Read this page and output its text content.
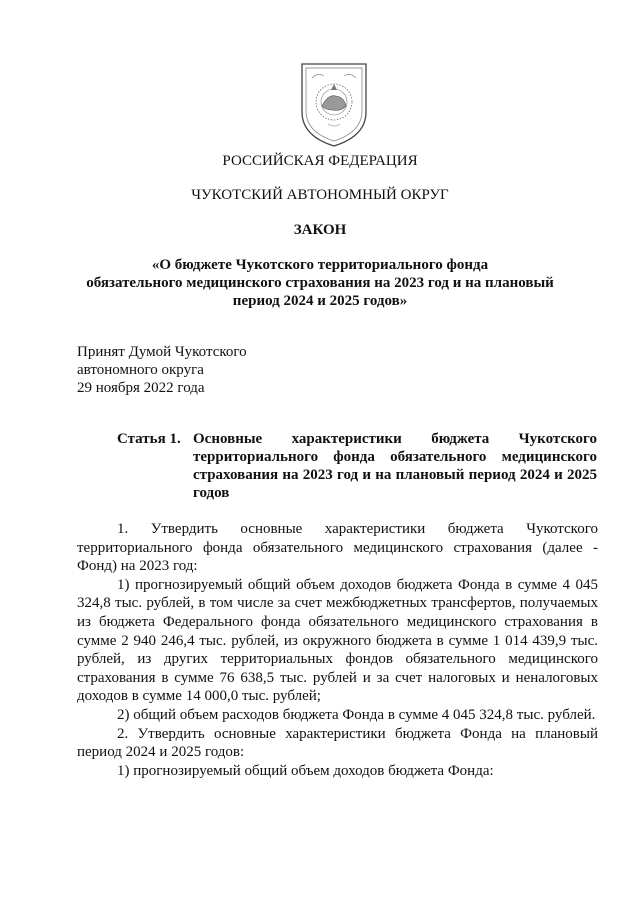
РОССИЙСКАЯ ФЕДЕРАЦИЯ
ЧУКОТСКИЙ АВТОНОМНЫЙ ОКРУГ
ЗАКОН
«О бюджете Чукотского территориального фонда
обязательного медицинского страхования на 2023 год и на плановый
период 2024 и 2025 годов»
Принят Думой Чукотского
автономного округа
29 ноября 2022 года
Статья 1. Основные характеристики бюджета Чукотского территориального фонда обязательного медицинского страхования на 2023 год и на плановый период 2024 и 2025 годов

1. Утвердить основные характеристики бюджета Чукотского территориального фонда обязательного медицинского страхования (далее - Фонд) на 2023 год:

1) прогнозируемый общий объем доходов бюджета Фонда в сумме 4 045 324,8 тыс. рублей, в том числе за счет межбюджетных трансфертов, получаемых из бюджета Федерального фонда обязательного медицинского страхования в сумме 2 940 246,4 тыс. рублей, из окружного бюджета в сумме 1 014 439,9 тыс. рублей, из других территориальных фондов обязательного медицинского страхования в сумме 76 638,5 тыс. рублей и за счет налоговых и неналоговых доходов в сумме 14 000,0 тыс. рублей;

2) общий объем расходов бюджета Фонда в сумме 4 045 324,8 тыс. рублей.

2. Утвердить основные характеристики бюджета Фонда на плановый период 2024 и 2025 годов:

1) прогнозируемый общий объем доходов бюджета Фонда:
